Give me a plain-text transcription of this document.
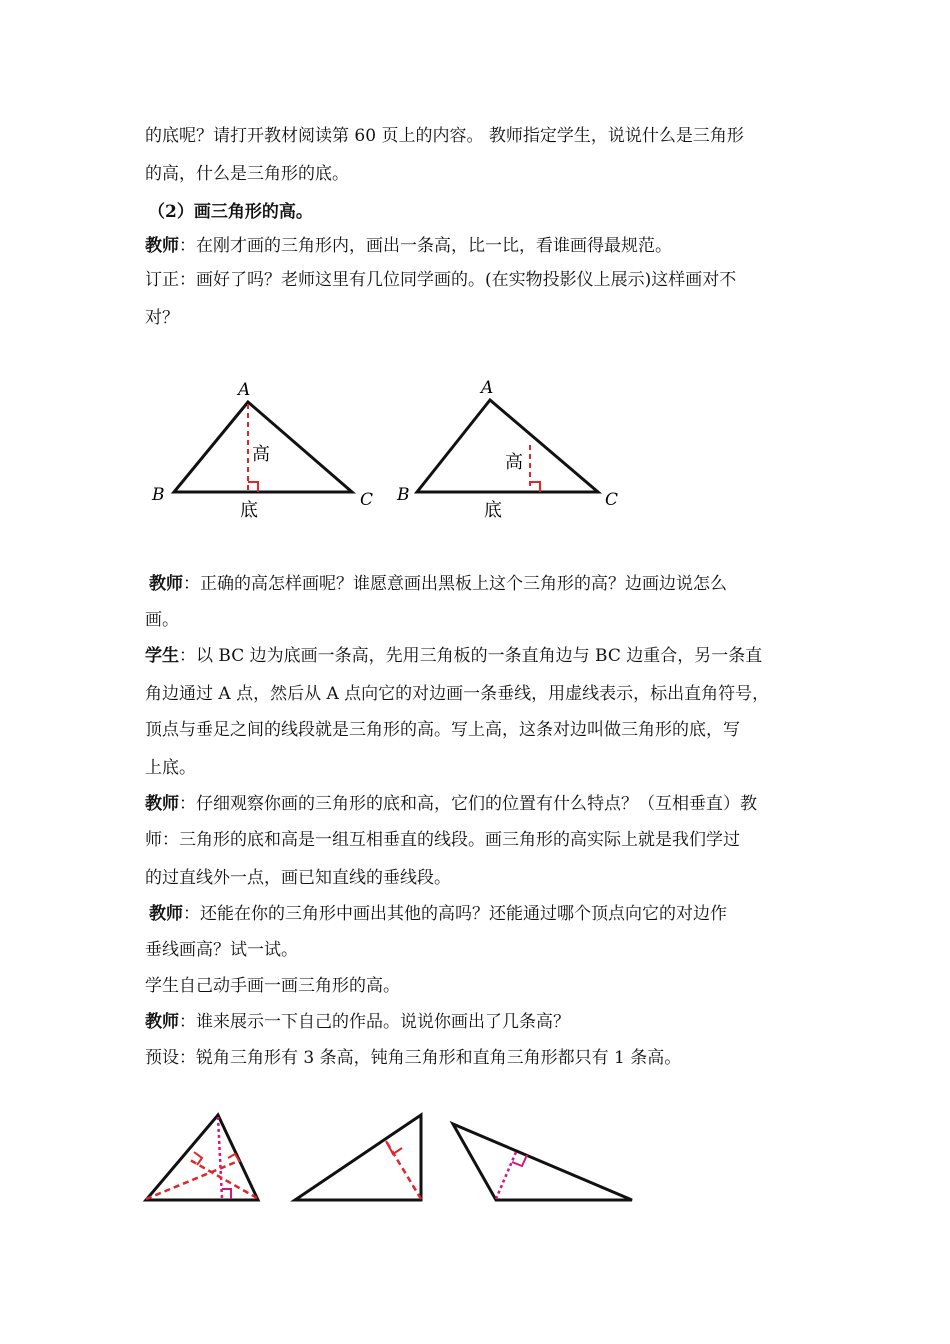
的底呢？请打开教材阅读第 60 页上的内容。 教师指定学生，说说什么是三角形
的高，什么是三角形的底。
（2）画三角形的高。
教师：在刚才画的三角形内，画出一条高，比一比，看谁画得最规范。
订正：画好了吗？老师这里有几位同学画的。(在实物投影仪上展示)这样画对不
对？
A
B	C
高
底
A
B	C
高
底
教师：正确的高怎样画呢？谁愿意画出黑板上这个三角形的高？边画边说怎么
画。
学生：以 BC 边为底画一条高，先用三角板的一条直角边与 BC 边重合，另一条直
角边通过 A 点，然后从 A 点向它的对边画一条垂线，用虚线表示，标出直角符号，
顶点与垂足之间的线段就是三角形的高。写上高，这条对边叫做三角形的底，写
上底。
教师：仔细观察你画的三角形的底和高，它们的位置有什么特点？（互相垂直）教
师：三角形的底和高是一组互相垂直的线段。画三角形的高实际上就是我们学过
的过直线外一点，画已知直线的垂线段。
教师：还能在你的三角形中画出其他的高吗？还能通过哪个顶点向它的对边作
垂线画高？试一试。
学生自己动手画一画三角形的高。
教师：谁来展示一下自己的作品。说说你画出了几条高？
预设：锐角三角形有 3 条高，钝角三角形和直角三角形都只有 1 条高。
